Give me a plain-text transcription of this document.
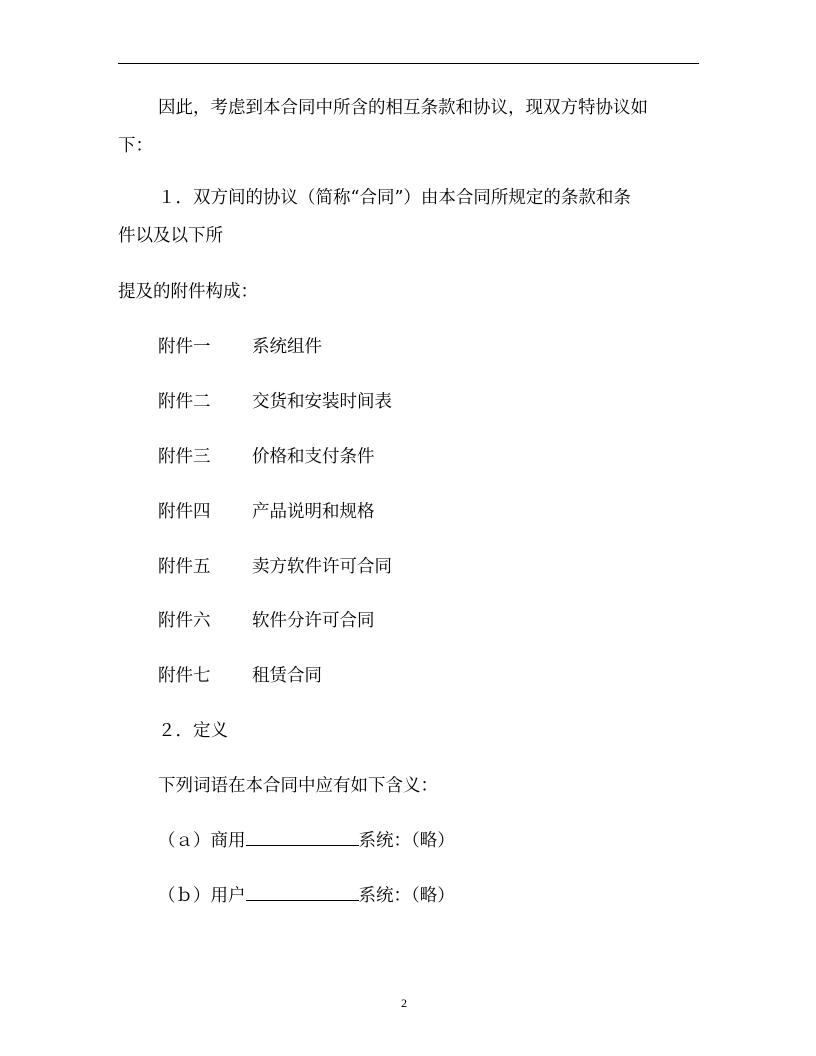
因此，考虑到本合同中所含的相互条款和协议，现双方特协议如
下：
１．双方间的协议（简称“合同”）由本合同所规定的条款和条
件以及以下所
提及的附件构成：
附件一 系统组件
附件二 交货和安装时间表
附件三 价格和支付条件
附件四 产品说明和规格
附件五 卖方软件许可合同
附件六 软件分许可合同
附件七 租赁合同
２．定义
下列词语在本合同中应有如下含义：
（ａ）商用	系统：（略）
（ｂ）用户	系统：（略）
2
